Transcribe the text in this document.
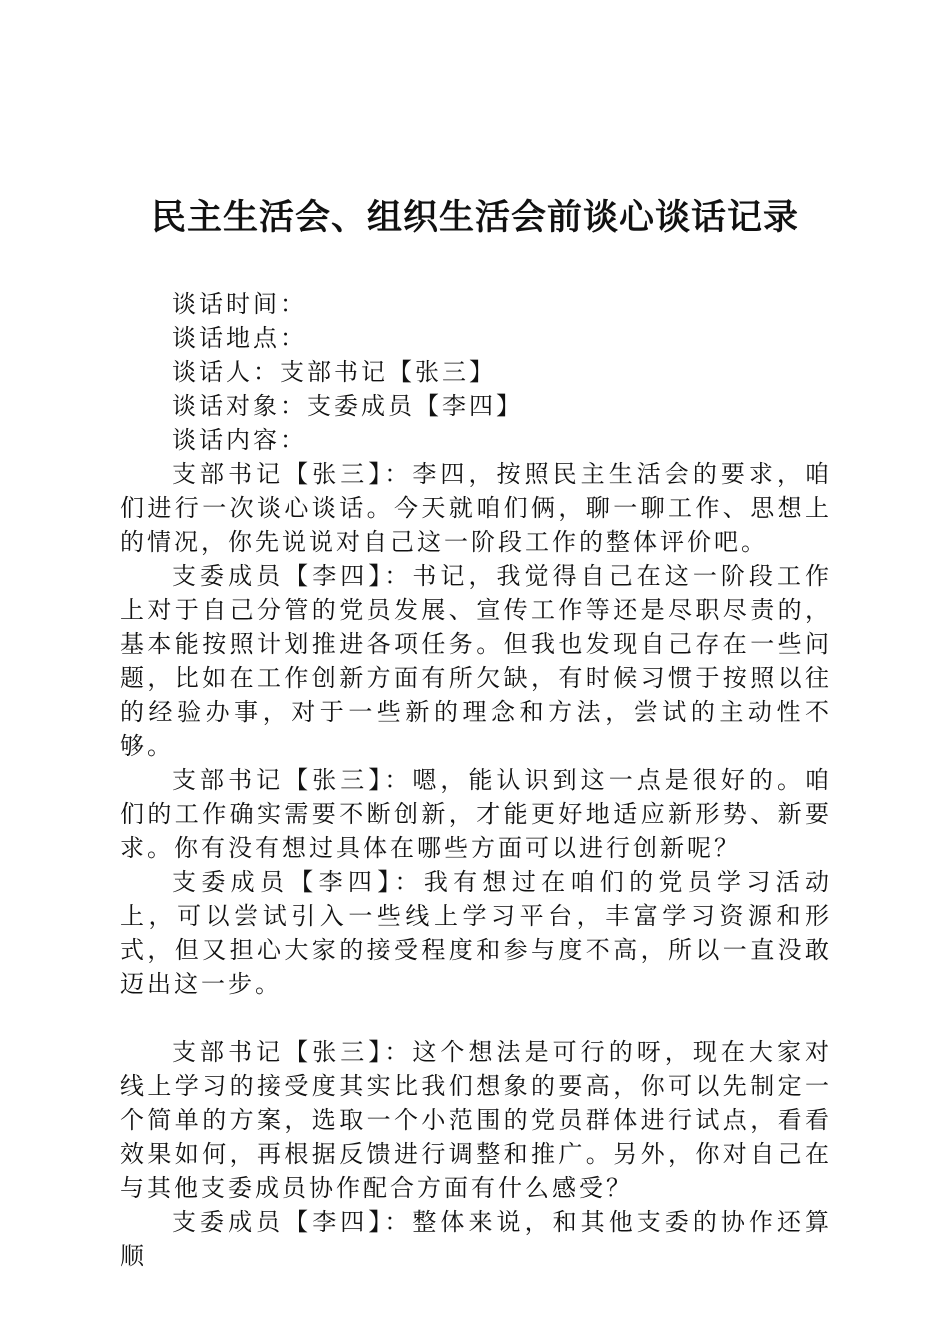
民主生活会、组织生活会前谈心谈话记录

谈话时间：

谈话地点：

谈话人：支部书记【张三】

谈话对象：支委成员【李四】

谈话内容：

支部书记【张三】：李四，按照民主生活会的要求，咱们进行一次谈心谈话。今天就咱们俩，聊一聊工作、思想上的情况，你先说说对自己这一阶段工作的整体评价吧。

支委成员【李四】：书记，我觉得自己在这一阶段工作上对于自己分管的党员发展、宣传工作等还是尽职尽责的，基本能按照计划推进各项任务。但我也发现自己存在一些问题，比如在工作创新方面有所欠缺，有时候习惯于按照以往的经验办事，对于一些新的理念和方法，尝试的主动性不够。

支部书记【张三】：嗯，能认识到这一点是很好的。咱们的工作确实需要不断创新，才能更好地适应新形势、新要求。你有没有想过具体在哪些方面可以进行创新呢？

支委成员【李四】：我有想过在咱们的党员学习活动上，可以尝试引入一些线上学习平台，丰富学习资源和形式，但又担心大家的接受程度和参与度不高，所以一直没敢迈出这一步。

支部书记【张三】：这个想法是可行的呀，现在大家对线上学习的接受度其实比我们想象的要高，你可以先制定一个简单的方案，选取一个小范围的党员群体进行试点，看看效果如何，再根据反馈进行调整和推广。另外，你对自己在与其他支委成员协作配合方面有什么感受？

支委成员【李四】：整体来说，和其他支委的协作还算顺
